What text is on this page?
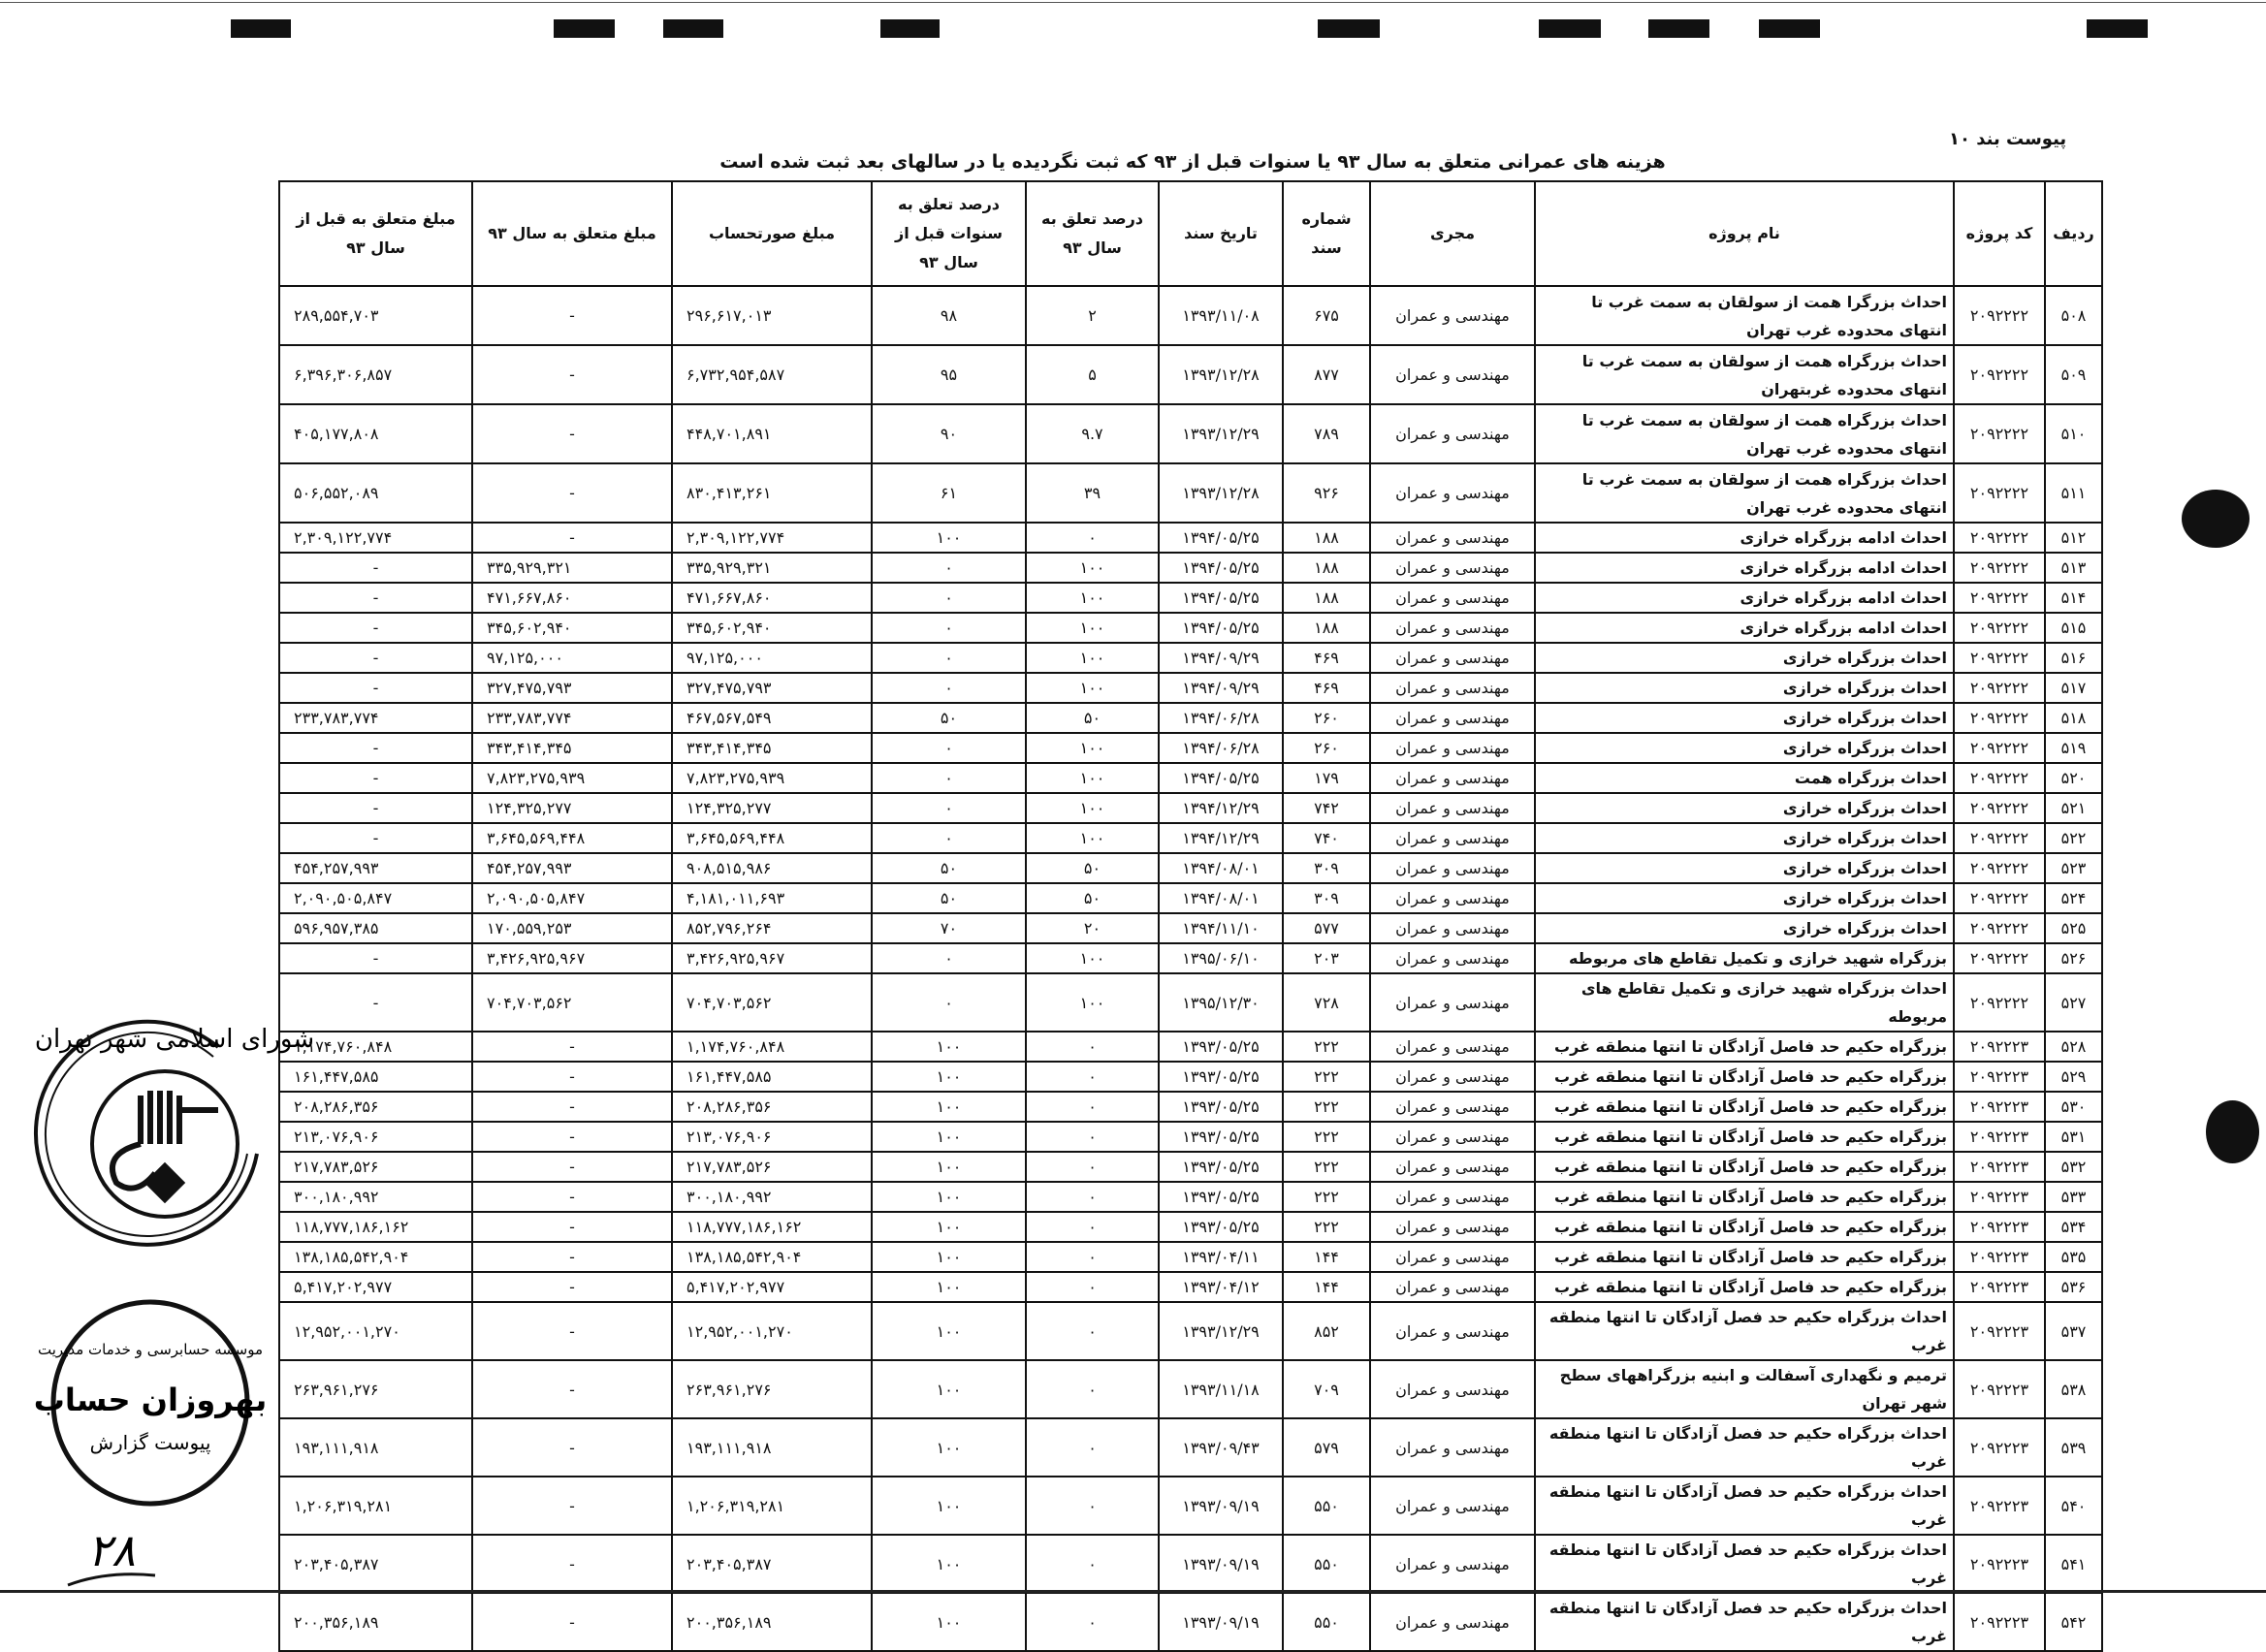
پیوست بند ۱۰
هزینه های عمرانی متعلق به سال ۹۳ یا سنوات قبل از ۹۳ که ثبت نگردیده یا در سالهای بعد ثبت شده است
ردیف	کد پروژه	نام پروژه	مجری	شماره سند	تاریخ سند	درصد تعلق به سال ۹۳	درصد تعلق به سنوات قبل از سال ۹۳	مبلغ صورتحساب	مبلغ متعلق به سال ۹۳	مبلغ متعلق به قبل از سال ۹۳
۵۰۸	۲۰۹۲۲۲۲	احداث بزرگرا همت از سولقان به سمت غرب تا انتهای محدوده غرب تهران	مهندسی و عمران	۶۷۵	۱۳۹۳/۱۱/۰۸	۲	۹۸	۲۹۶,۶۱۷,۰۱۳	-	۲۸۹,۵۵۴,۷۰۳
۵۰۹	۲۰۹۲۲۲۲	احداث بزرگراه همت از سولقان به سمت غرب تا انتهای محدوده غربتهران	مهندسی و عمران	۸۷۷	۱۳۹۳/۱۲/۲۸	۵	۹۵	۶,۷۳۲,۹۵۴,۵۸۷	-	۶,۳۹۶,۳۰۶,۸۵۷
۵۱۰	۲۰۹۲۲۲۲	احداث بزرگراه همت از سولقان به سمت غرب تا انتهای محدوده غرب تهران	مهندسی و عمران	۷۸۹	۱۳۹۳/۱۲/۲۹	۹.۷	۹۰	۴۴۸,۷۰۱,۸۹۱	-	۴۰۵,۱۷۷,۸۰۸
۵۱۱	۲۰۹۲۲۲۲	احداث بزرگراه همت از سولقان به سمت غرب تا انتهای محدوده غرب تهران	مهندسی و عمران	۹۲۶	۱۳۹۳/۱۲/۲۸	۳۹	۶۱	۸۳۰,۴۱۳,۲۶۱	-	۵۰۶,۵۵۲,۰۸۹
۵۱۲	۲۰۹۲۲۲۲	احداث ادامه بزرگراه خرازی	مهندسی و عمران	۱۸۸	۱۳۹۴/۰۵/۲۵	۰	۱۰۰	۲,۳۰۹,۱۲۲,۷۷۴	-	۲,۳۰۹,۱۲۲,۷۷۴
۵۱۳	۲۰۹۲۲۲۲	احداث ادامه بزرگراه خرازی	مهندسی و عمران	۱۸۸	۱۳۹۴/۰۵/۲۵	۱۰۰	۰	۳۳۵,۹۲۹,۳۲۱	۳۳۵,۹۲۹,۳۲۱	-
۵۱۴	۲۰۹۲۲۲۲	احداث ادامه بزرگراه خرازی	مهندسی و عمران	۱۸۸	۱۳۹۴/۰۵/۲۵	۱۰۰	۰	۴۷۱,۶۶۷,۸۶۰	۴۷۱,۶۶۷,۸۶۰	-
۵۱۵	۲۰۹۲۲۲۲	احداث ادامه بزرگراه خرازی	مهندسی و عمران	۱۸۸	۱۳۹۴/۰۵/۲۵	۱۰۰	۰	۳۴۵,۶۰۲,۹۴۰	۳۴۵,۶۰۲,۹۴۰	-
۵۱۶	۲۰۹۲۲۲۲	احداث بزرگراه خرازی	مهندسی و عمران	۴۶۹	۱۳۹۴/۰۹/۲۹	۱۰۰	۰	۹۷,۱۲۵,۰۰۰	۹۷,۱۲۵,۰۰۰	-
۵۱۷	۲۰۹۲۲۲۲	احداث بزرگراه خرازی	مهندسی و عمران	۴۶۹	۱۳۹۴/۰۹/۲۹	۱۰۰	۰	۳۲۷,۴۷۵,۷۹۳	۳۲۷,۴۷۵,۷۹۳	-
۵۱۸	۲۰۹۲۲۲۲	احداث بزرگراه خرازی	مهندسی و عمران	۲۶۰	۱۳۹۴/۰۶/۲۸	۵۰	۵۰	۴۶۷,۵۶۷,۵۴۹	۲۳۳,۷۸۳,۷۷۴	۲۳۳,۷۸۳,۷۷۴
۵۱۹	۲۰۹۲۲۲۲	احداث بزرگراه خرازی	مهندسی و عمران	۲۶۰	۱۳۹۴/۰۶/۲۸	۱۰۰	۰	۳۴۳,۴۱۴,۳۴۵	۳۴۳,۴۱۴,۳۴۵	-
۵۲۰	۲۰۹۲۲۲۲	احداث بزرگراه همت	مهندسی و عمران	۱۷۹	۱۳۹۴/۰۵/۲۵	۱۰۰	۰	۷,۸۲۳,۲۷۵,۹۳۹	۷,۸۲۳,۲۷۵,۹۳۹	-
۵۲۱	۲۰۹۲۲۲۲	احداث بزرگراه خرازی	مهندسی و عمران	۷۴۲	۱۳۹۴/۱۲/۲۹	۱۰۰	۰	۱۲۴,۳۲۵,۲۷۷	۱۲۴,۳۲۵,۲۷۷	-
۵۲۲	۲۰۹۲۲۲۲	احداث بزرگراه خرازی	مهندسی و عمران	۷۴۰	۱۳۹۴/۱۲/۲۹	۱۰۰	۰	۳,۶۴۵,۵۶۹,۴۴۸	۳,۶۴۵,۵۶۹,۴۴۸	-
۵۲۳	۲۰۹۲۲۲۲	احداث بزرگراه خرازی	مهندسی و عمران	۳۰۹	۱۳۹۴/۰۸/۰۱	۵۰	۵۰	۹۰۸,۵۱۵,۹۸۶	۴۵۴,۲۵۷,۹۹۳	۴۵۴,۲۵۷,۹۹۳
۵۲۴	۲۰۹۲۲۲۲	احداث بزرگراه خرازی	مهندسی و عمران	۳۰۹	۱۳۹۴/۰۸/۰۱	۵۰	۵۰	۴,۱۸۱,۰۱۱,۶۹۳	۲,۰۹۰,۵۰۵,۸۴۷	۲,۰۹۰,۵۰۵,۸۴۷
۵۲۵	۲۰۹۲۲۲۲	احداث بزرگراه خرازی	مهندسی و عمران	۵۷۷	۱۳۹۴/۱۱/۱۰	۲۰	۷۰	۸۵۲,۷۹۶,۲۶۴	۱۷۰,۵۵۹,۲۵۳	۵۹۶,۹۵۷,۳۸۵
۵۲۶	۲۰۹۲۲۲۲	بزرگراه شهید خرازی و تکمیل تقاطع های مربوطه	مهندسی و عمران	۲۰۳	۱۳۹۵/۰۶/۱۰	۱۰۰	۰	۳,۴۲۶,۹۲۵,۹۶۷	۳,۴۲۶,۹۲۵,۹۶۷	-
۵۲۷	۲۰۹۲۲۲۲	احداث بزرگراه شهید خرازی و تکمیل تقاطع های مربوطه	مهندسی و عمران	۷۲۸	۱۳۹۵/۱۲/۳۰	۱۰۰	۰	۷۰۴,۷۰۳,۵۶۲	۷۰۴,۷۰۳,۵۶۲	-
۵۲۸	۲۰۹۲۲۲۳	بزرگراه حکیم حد فاصل آزادگان تا انتها منطقه غرب	مهندسی و عمران	۲۲۲	۱۳۹۳/۰۵/۲۵	۰	۱۰۰	۱,۱۷۴,۷۶۰,۸۴۸	-	۱,۱۷۴,۷۶۰,۸۴۸
۵۲۹	۲۰۹۲۲۲۳	بزرگراه حکیم حد فاصل آزادگان تا انتها منطقه غرب	مهندسی و عمران	۲۲۲	۱۳۹۳/۰۵/۲۵	۰	۱۰۰	۱۶۱,۴۴۷,۵۸۵	-	۱۶۱,۴۴۷,۵۸۵
۵۳۰	۲۰۹۲۲۲۳	بزرگراه حکیم حد فاصل آزادگان تا انتها منطقه غرب	مهندسی و عمران	۲۲۲	۱۳۹۳/۰۵/۲۵	۰	۱۰۰	۲۰۸,۲۸۶,۳۵۶	-	۲۰۸,۲۸۶,۳۵۶
۵۳۱	۲۰۹۲۲۲۳	بزرگراه حکیم حد فاصل آزادگان تا انتها منطقه غرب	مهندسی و عمران	۲۲۲	۱۳۹۳/۰۵/۲۵	۰	۱۰۰	۲۱۳,۰۷۶,۹۰۶	-	۲۱۳,۰۷۶,۹۰۶
۵۳۲	۲۰۹۲۲۲۳	بزرگراه حکیم حد فاصل آزادگان تا انتها منطقه غرب	مهندسی و عمران	۲۲۲	۱۳۹۳/۰۵/۲۵	۰	۱۰۰	۲۱۷,۷۸۳,۵۲۶	-	۲۱۷,۷۸۳,۵۲۶
۵۳۳	۲۰۹۲۲۲۳	بزرگراه حکیم حد فاصل آزادگان تا انتها منطقه غرب	مهندسی و عمران	۲۲۲	۱۳۹۳/۰۵/۲۵	۰	۱۰۰	۳۰۰,۱۸۰,۹۹۲	-	۳۰۰,۱۸۰,۹۹۲
۵۳۴	۲۰۹۲۲۲۳	بزرگراه حکیم حد فاصل آزادگان تا انتها منطقه غرب	مهندسی و عمران	۲۲۲	۱۳۹۳/۰۵/۲۵	۰	۱۰۰	۱۱۸,۷۷۷,۱۸۶,۱۶۲	-	۱۱۸,۷۷۷,۱۸۶,۱۶۲
۵۳۵	۲۰۹۲۲۲۳	بزرگراه حکیم حد فاصل آزادگان تا انتها منطقه غرب	مهندسی و عمران	۱۴۴	۱۳۹۳/۰۴/۱۱	۰	۱۰۰	۱۳۸,۱۸۵,۵۴۲,۹۰۴	-	۱۳۸,۱۸۵,۵۴۲,۹۰۴
۵۳۶	۲۰۹۲۲۲۳	بزرگراه حکیم حد فاصل آزادگان تا انتها منطقه غرب	مهندسی و عمران	۱۴۴	۱۳۹۳/۰۴/۱۲	۰	۱۰۰	۵,۴۱۷,۲۰۲,۹۷۷	-	۵,۴۱۷,۲۰۲,۹۷۷
۵۳۷	۲۰۹۲۲۲۳	احداث بزرگراه حکیم حد فصل آزادگان تا انتها منطقه غرب	مهندسی و عمران	۸۵۲	۱۳۹۳/۱۲/۲۹	۰	۱۰۰	۱۲,۹۵۲,۰۰۱,۲۷۰	-	۱۲,۹۵۲,۰۰۱,۲۷۰
۵۳۸	۲۰۹۲۲۲۳	ترمیم و نگهداری آسفالت و ابنیه بزرگراههای سطح شهر تهران	مهندسی و عمران	۷۰۹	۱۳۹۳/۱۱/۱۸	۰	۱۰۰	۲۶۳,۹۶۱,۲۷۶	-	۲۶۳,۹۶۱,۲۷۶
۵۳۹	۲۰۹۲۲۲۳	احداث بزرگراه حکیم حد فصل آزادگان تا انتها منطقه غرب	مهندسی و عمران	۵۷۹	۱۳۹۳/۰۹/۴۳	۰	۱۰۰	۱۹۳,۱۱۱,۹۱۸	-	۱۹۳,۱۱۱,۹۱۸
۵۴۰	۲۰۹۲۲۲۳	احداث بزرگراه حکیم حد فصل آزادگان تا انتها منطقه غرب	مهندسی و عمران	۵۵۰	۱۳۹۳/۰۹/۱۹	۰	۱۰۰	۱,۲۰۶,۳۱۹,۲۸۱	-	۱,۲۰۶,۳۱۹,۲۸۱
۵۴۱	۲۰۹۲۲۲۳	احداث بزرگراه حکیم حد فصل آزادگان تا انتها منطقه غرب	مهندسی و عمران	۵۵۰	۱۳۹۳/۰۹/۱۹	۰	۱۰۰	۲۰۳,۴۰۵,۳۸۷	-	۲۰۳,۴۰۵,۳۸۷
۵۴۲	۲۰۹۲۲۲۳	احداث بزرگراه حکیم حد فصل آزادگان تا انتها منطقه غرب	مهندسی و عمران	۵۵۰	۱۳۹۳/۰۹/۱۹	۰	۱۰۰	۲۰۰,۳۵۶,۱۸۹	-	۲۰۰,۳۵۶,۱۸۹
شورای اسلامی شهر تهران
موسسه حسابرسی و خدمات مدیریت
بهروزان حساب
پیوست گزارش
۲۸
